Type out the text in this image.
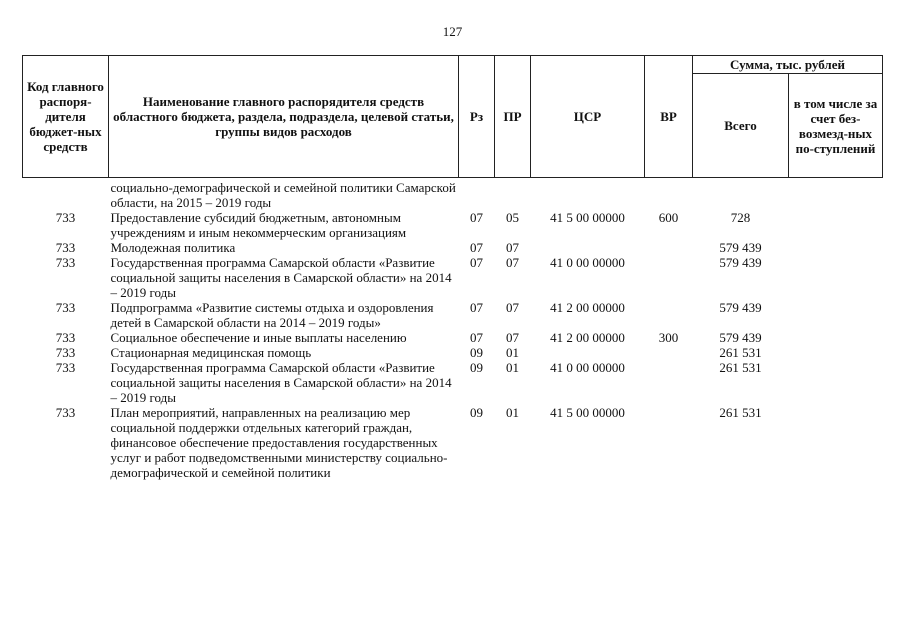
127
Код главного распоря-дителя бюджет-ных средств	Наименование главного распорядителя средств областного бюджета, раздела, подраздела, целевой статьи, группы видов расходов	Рз	ПР	ЦСР	ВР	Сумма, тыс. рублей	
						Всего	в том числе за счет без-возмезд-ных по-ступлений
	социально-демографической и семейной политики Самарской области, на 2015 – 2019 годы						
733	Предоставление субсидий бюджетным, автономным учреждениям и иным некоммерческим организациям	07	05	41 5 00 00000	600	728	
733	Молодежная политика	07	07			579 439	
733	Государственная программа Самарской области «Развитие социальной защиты населения в Самарской области» на 2014 – 2019 годы	07	07	41 0 00 00000		579 439	
733	Подпрограмма «Развитие системы отдыха и оздоровления детей в Самарской области на 2014 – 2019 годы»	07	07	41 2 00 00000		579 439	
733	Социальное обеспечение и иные выплаты населению	07	07	41 2 00 00000	300	579 439	
733	Стационарная медицинская помощь	09	01			261 531	
733	Государственная программа Самарской области «Развитие социальной защиты населения в Самарской области» на 2014 – 2019 годы	09	01	41 0 00 00000		261 531	
733	План мероприятий, направленных на реализацию мер социальной поддержки отдельных категорий граждан, финансовое обеспечение предоставления государственных услуг и работ подведомственными министерству социально-демографической и семейной политики	09	01	41 5 00 00000		261 531	
